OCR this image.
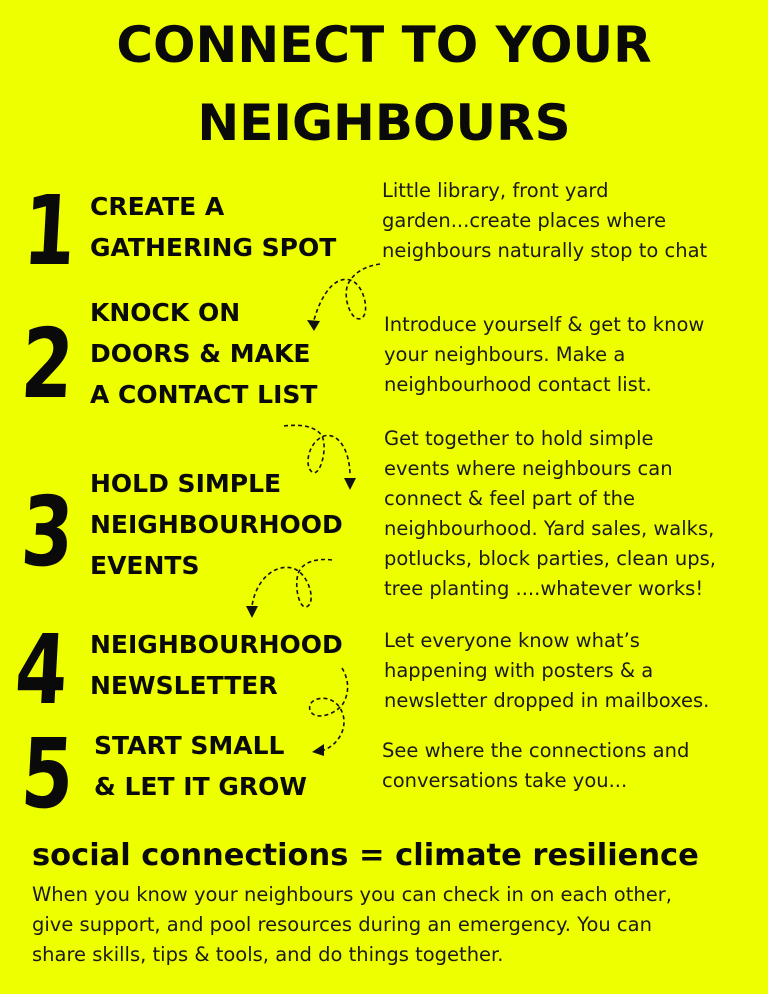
CONNECT TO YOUR
NEIGHBOURS
1 CREATE A
GATHERING SPOT
Little library, front yard
garden...create places where
neighbours naturally stop to chat
2 KNOCK ON
DOORS & MAKE
A CONTACT LIST
Introduce yourself & get to know
your neighbours. Make a
neighbourhood contact list.
3 HOLD SIMPLE
NEIGHBOURHOOD
EVENTS
Get together to hold simple
events where neighbours can
connect & feel part of the
neighbourhood. Yard sales, walks,
potlucks, block parties, clean ups,
tree planting ....whatever works!
4 NEIGHBOURHOOD
NEWSLETTER
Let everyone know what’s
happening with posters & a
newsletter dropped in mailboxes.
5 START SMALL
& LET IT GROW
See where the connections and
conversations take you...
social connections = climate resilience
When you know your neighbours you can check in on each other,
give support, and pool resources during an emergency. You can
share skills, tips & tools, and do things together.
